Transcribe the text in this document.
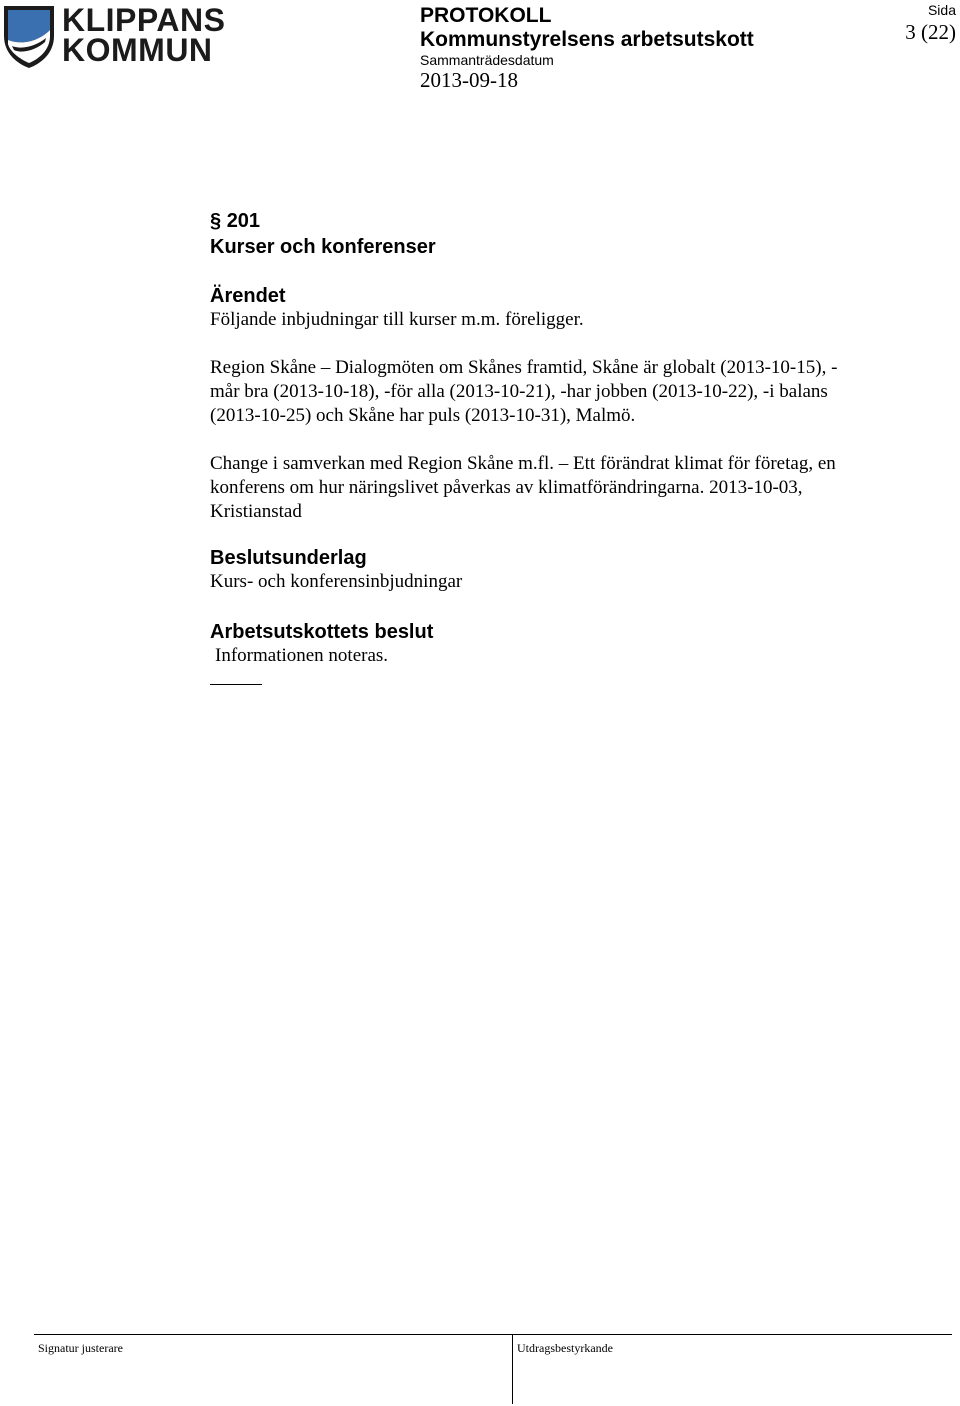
KLIPPANS
KOMMUN
PROTOKOLL
Kommunstyrelsens arbetsutskott
Sammanträdesdatum
2013-09-18
Sida
3 (22)

§ 201

Kurser och konferenser

Ärendet

Följande inbjudningar till kurser m.m. föreligger.

Region Skåne – Dialogmöten om Skånes framtid, Skåne är globalt (2013-10-15), -

mår bra (2013-10-18), -för alla (2013-10-21), -har jobben (2013-10-22), -i balans

(2013-10-25) och Skåne har puls (2013-10-31), Malmö.

Change i samverkan med Region Skåne m.fl. – Ett förändrat klimat för företag, en

konferens om hur näringslivet påverkas av klimatförändringarna. 2013-10-03,

Kristianstad

Beslutsunderlag

Kurs- och konferensinbjudningar

Arbetsutskottets beslut

Informationen noteras.

Signatur justerare	Utdragsbestyrkande
